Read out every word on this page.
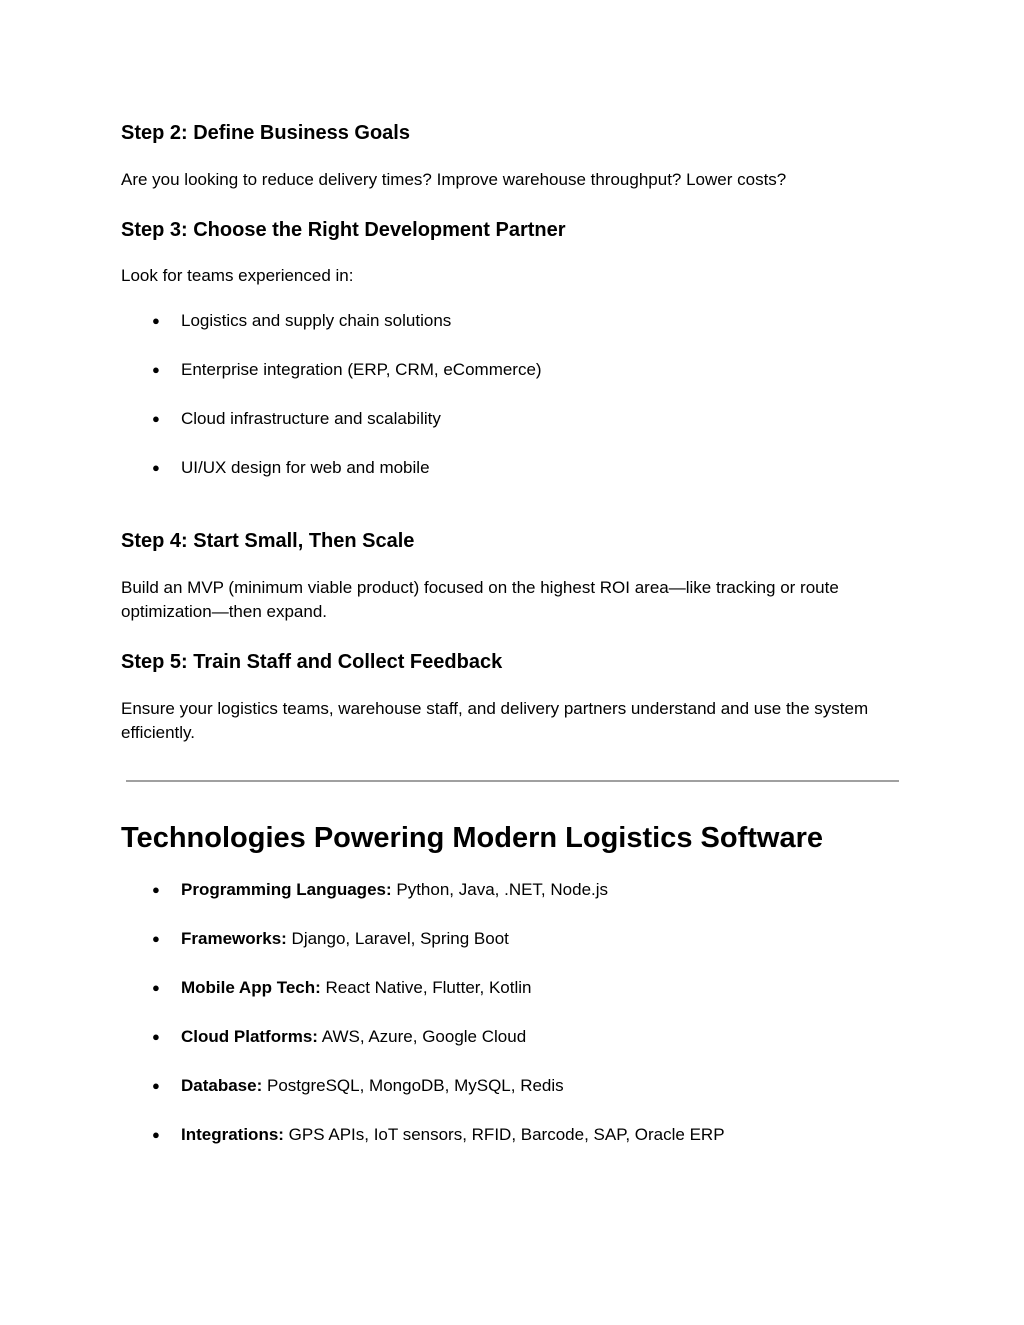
Step 2: Define Business Goals

Are you looking to reduce delivery times? Improve warehouse throughput? Lower costs?

Step 3: Choose the Right Development Partner

Look for teams experienced in:

● Logistics and supply chain solutions
● Enterprise integration (ERP, CRM, eCommerce)
● Cloud infrastructure and scalability
● UI/UX design for web and mobile
Step 4: Start Small, Then Scale

Build an MVP (minimum viable product) focused on the highest ROI area—like tracking or route optimization—then expand.

Step 5: Train Staff and Collect Feedback

Ensure your logistics teams, warehouse staff, and delivery partners understand and use the system efficiently.

Technologies Powering Modern Logistics Software
● Programming Languages: Python, Java, .NET, Node.js
● Frameworks: Django, Laravel, Spring Boot
● Mobile App Tech: React Native, Flutter, Kotlin
● Cloud Platforms: AWS, Azure, Google Cloud
● Database: PostgreSQL, MongoDB, MySQL, Redis
● Integrations: GPS APIs, IoT sensors, RFID, Barcode, SAP, Oracle ERP
